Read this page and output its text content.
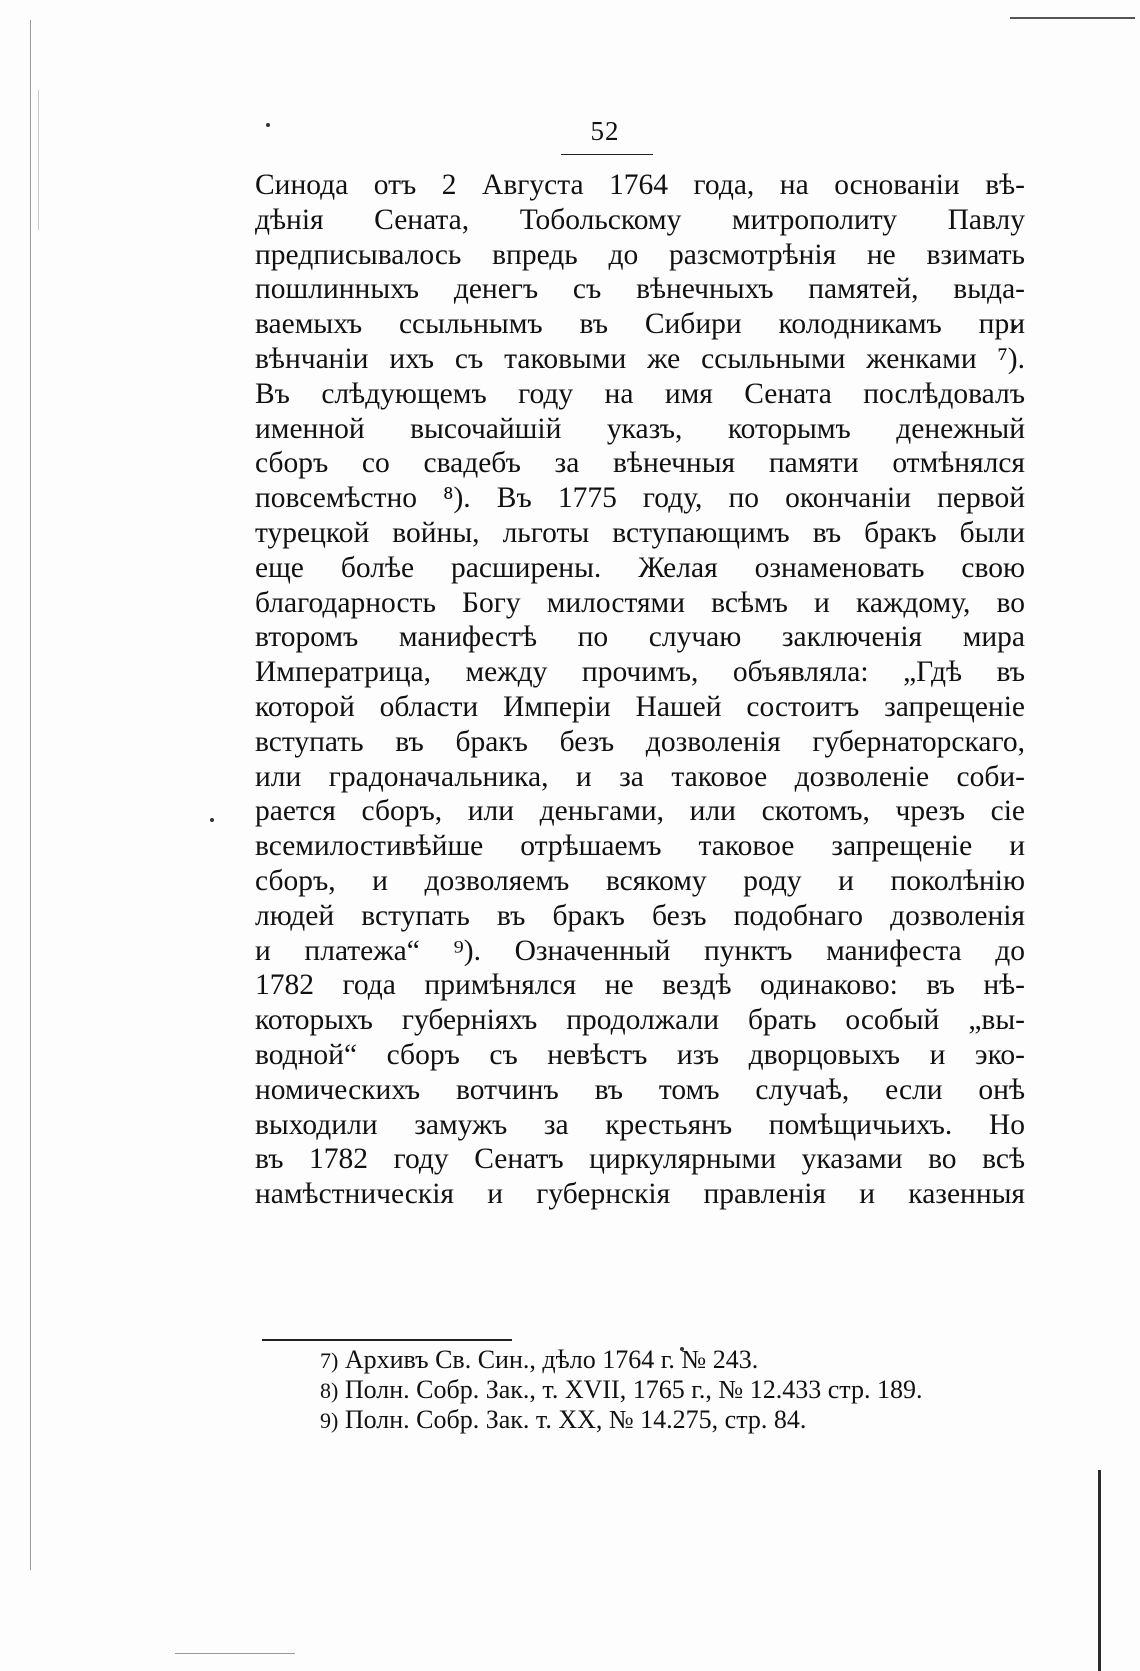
52
Синода отъ 2 Августа 1764 года, на основанiи вѣ-
дѣнiя Сената, Тобольскому митрополиту Павлу
предписывалось впредь до разсмотрѣнiя не взимать
пошлинныхъ денегъ съ вѣнечныхъ памятей, выда-
ваемыхъ ссыльнымъ въ Сибири колодникамъ при
вѣнчанiи ихъ съ таковыми же ссыльными женками ⁷).
Въ слѣдующемъ году на имя Сената послѣдовалъ
именной высочайшiй указъ, которымъ денежный
сборъ со свадебъ за вѣнечныя памяти отмѣнялся
повсемѣстно ⁸). Въ 1775 году, по окончанiи первой
турецкой войны, льготы вступающимъ въ бракъ были
еще болѣе расширены. Желая ознаменовать свою
благодарность Богу милостями всѣмъ и каждому, во
второмъ манифестѣ по случаю заключенiя мира
Императрица, между прочимъ, объявляла: „Гдѣ въ
которой области Имперiи Нашей состоитъ запрещенiе
вступать въ бракъ безъ дозволенiя губернаторскаго,
или градоначальника, и за таковое дозволенiе соби-
рается сборъ, или деньгами, или скотомъ, чрезъ сiе
всемилостивѣйше отрѣшаемъ таковое запрещенiе и
сборъ, и дозволяемъ всякому роду и поколѣнiю
людей вступать въ бракъ безъ подобнаго дозволенiя
и платежа“ ⁹). Означенный пунктъ манифеста до
1782 года примѣнялся не вездѣ одинаково: въ нѣ-
которыхъ губернiяхъ продолжали брать особый „вы-
водной“ сборъ съ невѣстъ изъ дворцовыхъ и эко-
номическихъ вотчинъ въ томъ случаѣ, если онѣ
выходили замужъ за крестьянъ помѣщичьихъ. Но
въ 1782 году Сенатъ циркулярными указами во всѣ
намѣстническiя и губернскiя правленiя и казенныя
7) Архивъ Св. Син., дѣло 1764 г. № 243.
8) Полн. Собр. Зак., т. XVII, 1765 г., № 12.433 стр. 189.
9) Полн. Собр. Зак. т. XX, № 14.275, стр. 84.
